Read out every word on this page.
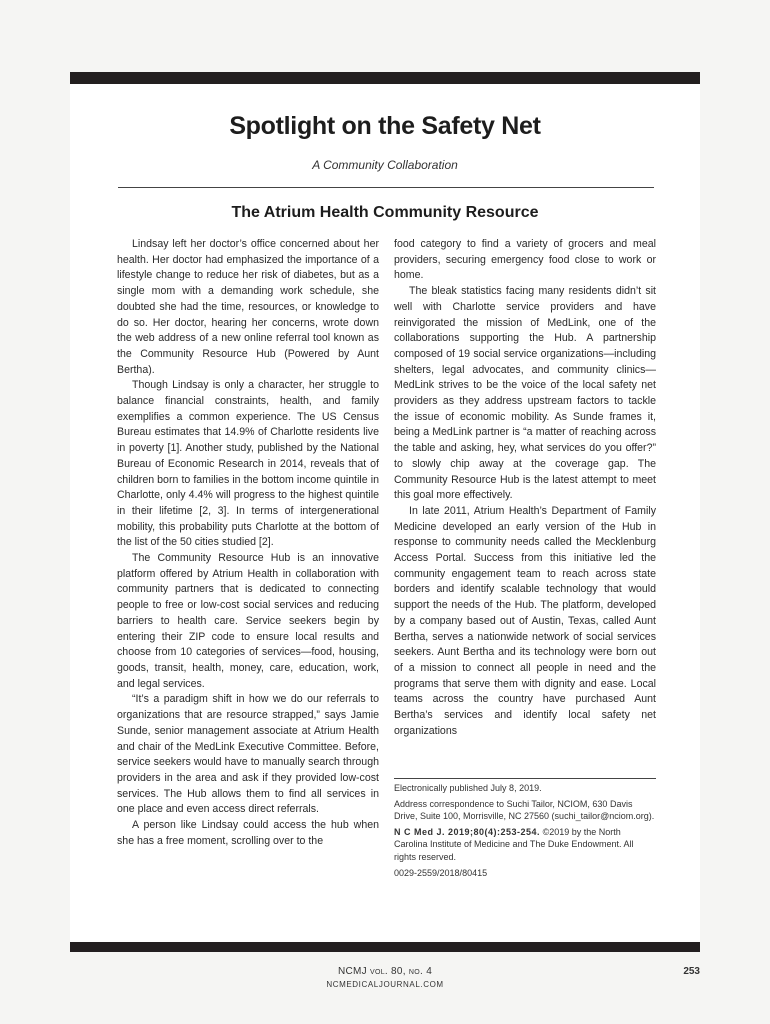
Spotlight on the Safety Net
A Community Collaboration
The Atrium Health Community Resource

Lindsay left her doctor’s office concerned about her health. Her doctor had emphasized the importance of a lifestyle change to reduce her risk of diabetes, but as a single mom with a demanding work schedule, she doubted she had the time, resources, or knowledge to do so. Her doctor, hearing her concerns, wrote down the web address of a new online referral tool known as the Community Resource Hub (Powered by Aunt Bertha).

Though Lindsay is only a character, her struggle to balance financial constraints, health, and family exemplifies a common experience. The US Census Bureau estimates that 14.9% of Charlotte residents live in poverty [1]. Another study, published by the National Bureau of Economic Research in 2014, reveals that of children born to families in the bottom income quintile in Charlotte, only 4.4% will progress to the highest quintile in their lifetime [2, 3]. In terms of intergenerational mobility, this probability puts Charlotte at the bottom of the list of the 50 cities studied [2].

The Community Resource Hub is an innovative platform offered by Atrium Health in collaboration with community partners that is dedicated to connecting people to free or low-cost social services and reducing barriers to health care. Service seekers begin by entering their ZIP code to ensure local results and choose from 10 categories of services—food, housing, goods, transit, health, money, care, education, work, and legal services.

“It’s a paradigm shift in how we do our referrals to organizations that are resource strapped,” says Jamie Sunde, senior management associate at Atrium Health and chair of the MedLink Executive Committee. Before, service seekers would have to manually search through providers in the area and ask if they provided low-cost services. The Hub allows them to find all services in one place and even access direct referrals.

A person like Lindsay could access the hub when she has a free moment, scrolling over to the

food category to find a variety of grocers and meal providers, securing emergency food close to work or home.

The bleak statistics facing many residents didn’t sit well with Charlotte service providers and have reinvigorated the mission of MedLink, one of the collaborations supporting the Hub. A partnership composed of 19 social service organizations—including shelters, legal advocates, and community clinics—MedLink strives to be the voice of the local safety net providers as they address upstream factors to tackle the issue of economic mobility. As Sunde frames it, being a MedLink partner is “a matter of reaching across the table and asking, hey, what services do you offer?” to slowly chip away at the coverage gap. The Community Resource Hub is the latest attempt to meet this goal more effectively.

In late 2011, Atrium Health’s Department of Family Medicine developed an early version of the Hub in response to community needs called the Mecklenburg Access Portal. Success from this initiative led the community engagement team to reach across state borders and identify scalable technology that would support the needs of the Hub. The platform, developed by a company based out of Austin, Texas, called Aunt Bertha, serves a nationwide network of social services seekers. Aunt Bertha and its technology were born out of a mission to connect all people in need and the programs that serve them with dignity and ease. Local teams across the country have purchased Aunt Bertha’s services and identify local safety net organizations

Electronically published July 8, 2019.

Address correspondence to Suchi Tailor, NCIOM, 630 Davis Drive, Suite 100, Morrisville, NC 27560 (suchi_tailor@nciom.org).

N C Med J. 2019;80(4):253-254. ©2019 by the North Carolina Institute of Medicine and The Duke Endowment. All rights reserved.

0029-2559/2018/80415

NCMJ vol. 80, no. 4
NCMEDICALJOURNAL.COM
253
